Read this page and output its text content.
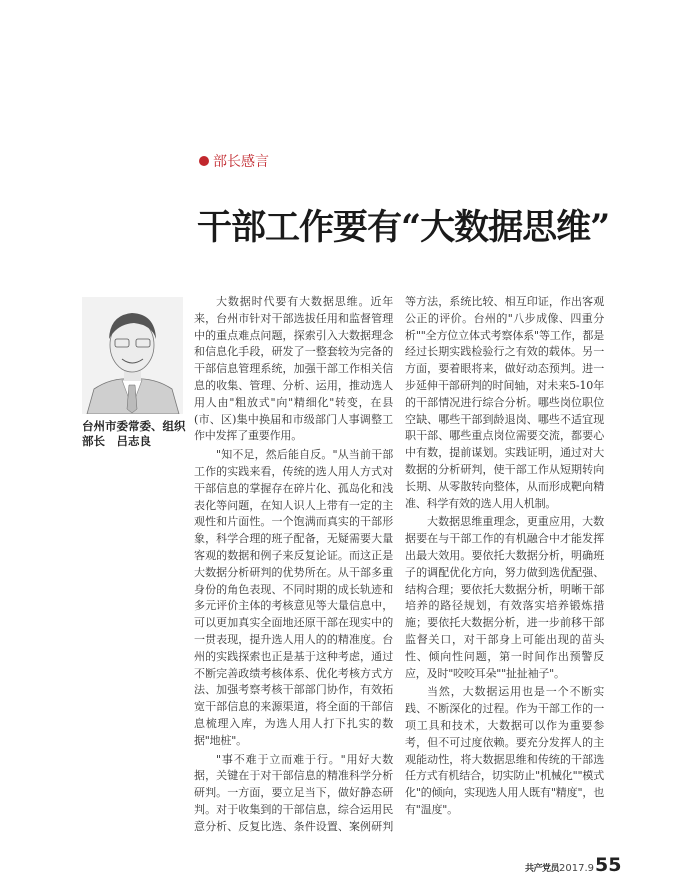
部长感言
干部工作要有“大数据思维”
台州市委常委、组织
部长　吕志良

大数据时代要有大数据思维。近年来，台州市针对干部选拔任用和监督管理中的重点难点问题，探索引入大数据理念和信息化手段，研发了一整套较为完备的干部信息管理系统，加强干部工作相关信息的收集、管理、分析、运用，推动选人用人由"粗放式"向"精细化"转变，在县(市、区)集中换届和市级部门人事调整工作中发挥了重要作用。

"知不足，然后能自反。"从当前干部工作的实践来看，传统的选人用人方式对干部信息的掌握存在碎片化、孤岛化和浅表化等问题，在知人识人上带有一定的主观性和片面性。一个饱满而真实的干部形象，科学合理的班子配备，无疑需要大量客观的数据和例子来反复论证。而这正是大数据分析研判的优势所在。从干部多重身份的角色表现、不同时期的成长轨迹和多元评价主体的考核意见等大量信息中，可以更加真实全面地还原干部在现实中的一贯表现，提升选人用人的的精准度。台州的实践探索也正是基于这种考虑，通过不断完善政绩考核体系、优化考核方式方法、加强考察考核干部部门协作，有效拓宽干部信息的来源渠道，将全面的干部信息梳理入库，为选人用人打下扎实的数据"地桩"。

"事不难于立而难于行。"用好大数据，关键在于对干部信息的精准科学分析研判。一方面，要立足当下，做好静态研判。对于收集到的干部信息，综合运用民意分析、反复比选、条件设置、案例研判等方法，系统比较、相互印证，作出客观公正的评价。台州的"八步成像、四重分析""全方位立体式考察体系"等工作，都是经过长期实践检验行之有效的载体。另一方面，要着眼将来，做好动态预判。进一步延伸干部研判的时间轴，对未来5-10年的干部情况进行综合分析。哪些岗位职位空缺、哪些干部到龄退岗、哪些不适宜现职干部、哪些重点岗位需要交流，都要心中有数，提前谋划。实践证明，通过对大数据的分析研判，使干部工作从短期转向长期、从零散转向整体，从而形成靶向精准、科学有效的选人用人机制。

大数据思维重理念，更重应用，大数据要在与干部工作的有机融合中才能发挥出最大效用。要依托大数据分析，明确班子的调配优化方向，努力做到选优配强、结构合理；要依托大数据分析，明晰干部培养的路径规划，有效落实培养锻炼措施；要依托大数据分析，进一步前移干部监督关口，对干部身上可能出现的苗头性、倾向性问题，第一时间作出预警反应，及时"咬咬耳朵""扯扯袖子"。

当然，大数据运用也是一个不断实践、不断深化的过程。作为干部工作的一项工具和技术，大数据可以作为重要参考，但不可过度依赖。要充分发挥人的主观能动性，将大数据思维和传统的干部选任方式有机结合，切实防止"机械化""模式化"的倾向，实现选人用人既有"精度"，也有"温度"。

共产党员 2017.9 55
